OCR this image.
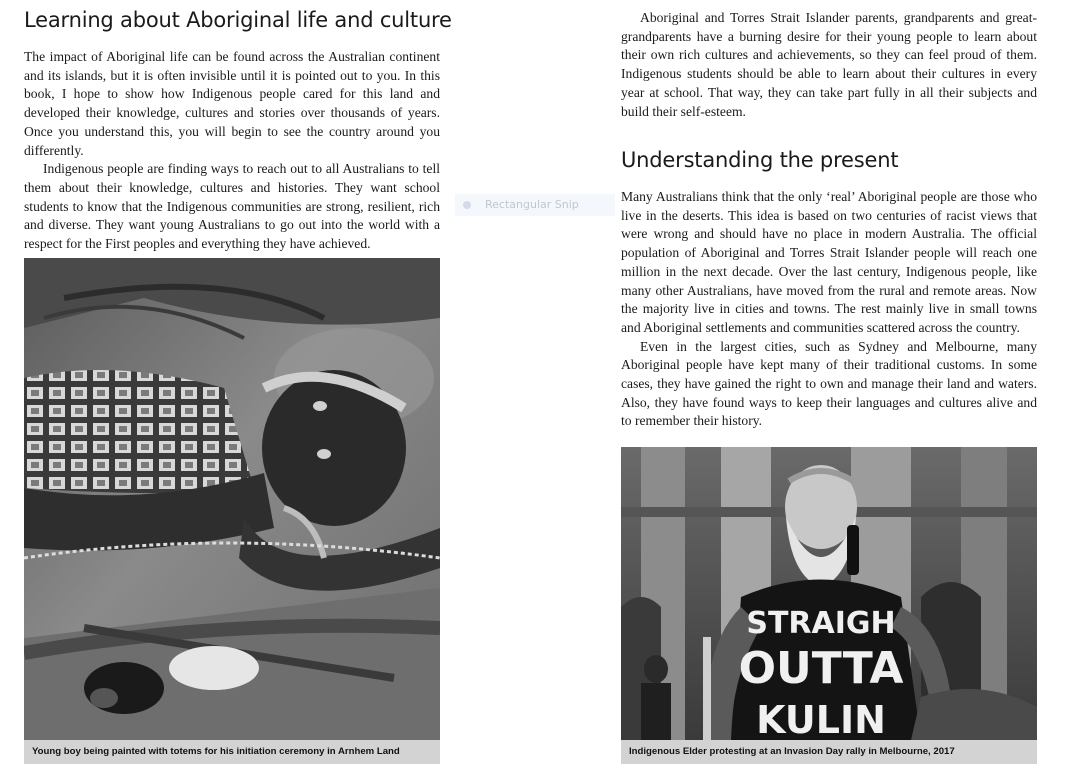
Learning about Aboriginal life and culture

The impact of Aboriginal life can be found across the Australian continent and its islands, but it is often invisible until it is pointed out to you. In this book, I hope to show how Indigenous people cared for this land and developed their knowledge, cultures and stories over thousands of years. Once you understand this, you will begin to see the country around you differently.

Indigenous people are finding ways to reach out to all Australians to tell them about their knowledge, cultures and histories. They want school students to know that the Indigenous communities are strong, resilient, rich and diverse. They want young Australians to go out into the world with a respect for the First peoples and everything they have achieved.

Young boy being painted with totems for his initiation ceremony in Arnhem Land
Rectangular Snip

Aboriginal and Torres Strait Islander parents, grandparents and great-grandparents have a burning desire for their young people to learn about their own rich cultures and achievements, so they can feel proud of them. Indigenous students should be able to learn about their cultures in every year at school. That way, they can take part fully in all their subjects and build their self-esteem.

Understanding the present

Many Australians think that the only ‘real’ Aboriginal people are those who live in the deserts. This idea is based on two centuries of racist views that were wrong and should have no place in modern Australia. The official population of Aboriginal and Torres Strait Islander people will reach one million in the next decade. Over the last century, Indigenous people, like many other Australians, have moved from the rural and remote areas. Now the majority live in cities and towns. The rest mainly live in small towns and Aboriginal settlements and communities scattered across the country.

Even in the largest cities, such as Sydney and Melbourne, many Aboriginal people have kept many of their traditional customs. In some cases, they have gained the right to own and manage their land and waters. Also, they have found ways to keep their languages and cultures alive and to remember their history.

STRAIGH
OUTTA
KULIN
Indigenous Elder protesting at an Invasion Day rally in Melbourne, 2017
